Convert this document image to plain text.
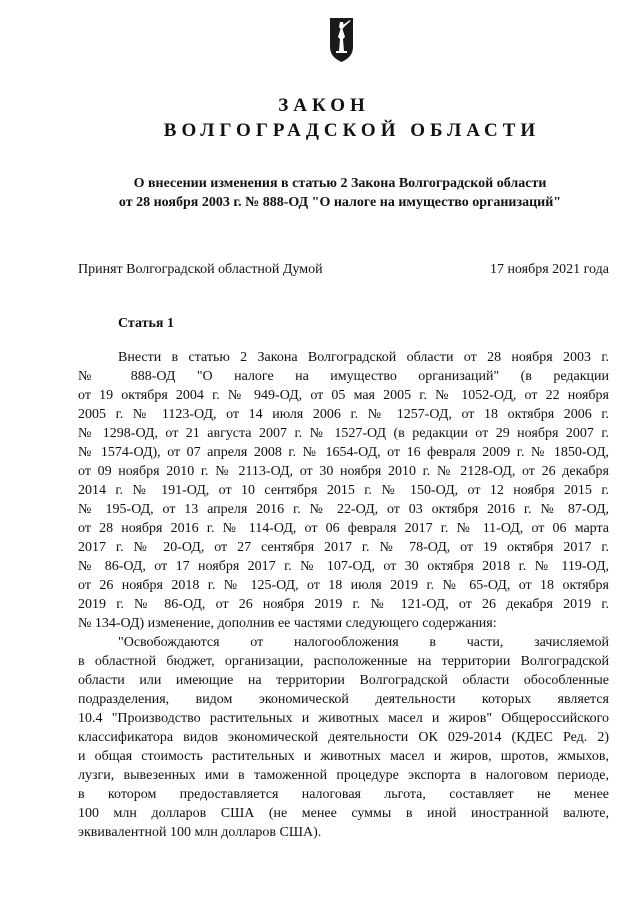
ЗАКОН
ВОЛГОГРАДСКОЙ ОБЛАСТИ

О внесении изменения в статью 2 Закона Волгоградской области

от 28 ноября 2003 г. № 888-ОД "О налоге на имущество организаций"

Принят Волгоградской областной Думой	17 ноября 2021 года
Статья 1
Внести в статью 2 Закона Волгоградской области от 28 ноября 2003 г.
№ 888-ОД "О налоге на имущество организаций" (в редакции
от 19 октября 2004 г. № 949-ОД, от 05 мая 2005 г. № 1052-ОД, от 22 ноября
2005 г. № 1123-ОД, от 14 июля 2006 г. № 1257-ОД, от 18 октября 2006 г.
№ 1298-ОД, от 21 августа 2007 г. № 1527-ОД (в редакции от 29 ноября 2007 г.
№ 1574-ОД), от 07 апреля 2008 г. № 1654-ОД, от 16 февраля 2009 г. № 1850-ОД,
от 09 ноября 2010 г. № 2113-ОД, от 30 ноября 2010 г. № 2128-ОД, от 26 декабря
2014 г. № 191-ОД, от 10 сентября 2015 г. № 150-ОД, от 12 ноября 2015 г.
№ 195-ОД, от 13 апреля 2016 г. № 22-ОД, от 03 октября 2016 г. № 87-ОД,
от 28 ноября 2016 г. № 114-ОД, от 06 февраля 2017 г. № 11-ОД, от 06 марта
2017 г. № 20-ОД, от 27 сентября 2017 г. № 78-ОД, от 19 октября 2017 г.
№ 86-ОД, от 17 ноября 2017 г. № 107-ОД, от 30 октября 2018 г. № 119-ОД,
от 26 ноября 2018 г. № 125-ОД, от 18 июля 2019 г. № 65-ОД, от 18 октября
2019 г. № 86-ОД, от 26 ноября 2019 г. № 121-ОД, от 26 декабря 2019 г.
№ 134-ОД) изменение, дополнив ее частями следующего содержания:
"Освобождаются от налогообложения в части, зачисляемой
в областной бюджет, организации, расположенные на территории Волгоградской
области или имеющие на территории Волгоградской области обособленные
подразделения, видом экономической деятельности которых является
10.4 "Производство растительных и животных масел и жиров" Общероссийского
классификатора видов экономической деятельности ОК 029-2014 (КДЕС Ред. 2)
и общая стоимость растительных и животных масел и жиров, шротов, жмыхов,
лузги, вывезенных ими в таможенной процедуре экспорта в налоговом периоде,
в котором предоставляется налоговая льгота, составляет не менее
100 млн долларов США (не менее суммы в иной иностранной валюте,
эквивалентной 100 млн долларов США).
